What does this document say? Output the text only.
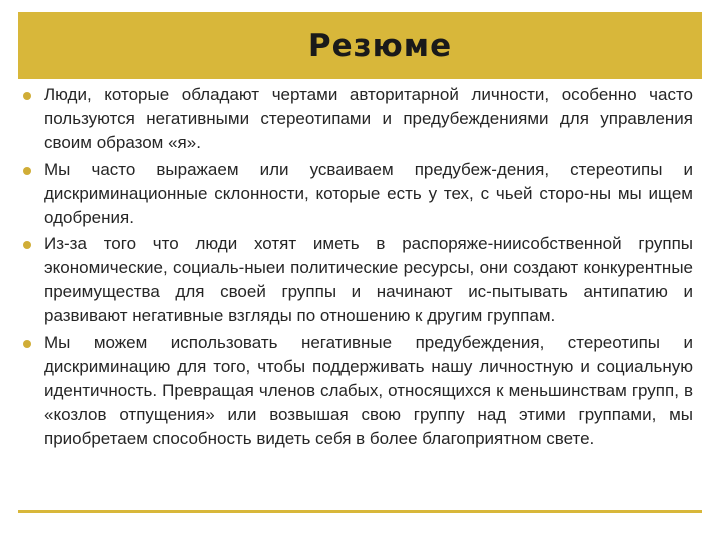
Резюме
Люди, которые обладают чертами авторитарной личности, особенно часто пользуются негативными стереотипами и предубеждениями для управления своим образом «я».
Мы часто выражаем или усваиваем предубеж-дения, стереотипы и дискриминационные склонности, которые есть у тех, с чьей сторо-ны мы ищем одобрения.
Из-за того что люди хотят иметь в распоряже-ниисобственной группы экономические, социаль-ныеи политические ресурсы, они создают конкурентные преимущества для своей группы и начинают ис-пытывать антипатию и развивают негативные взгляды по отношению к другим группам.
Мы можем использовать негативные предубеждения, стереотипы и дискриминацию для того, чтобы поддерживать нашу личностную и социальную идентичность. Превращая членов слабых, относящихся к меньшинствам групп, в «козлов отпущения» или возвышая свою группу над этими группами, мы приобретаем способность видеть себя в более благоприятном свете.
